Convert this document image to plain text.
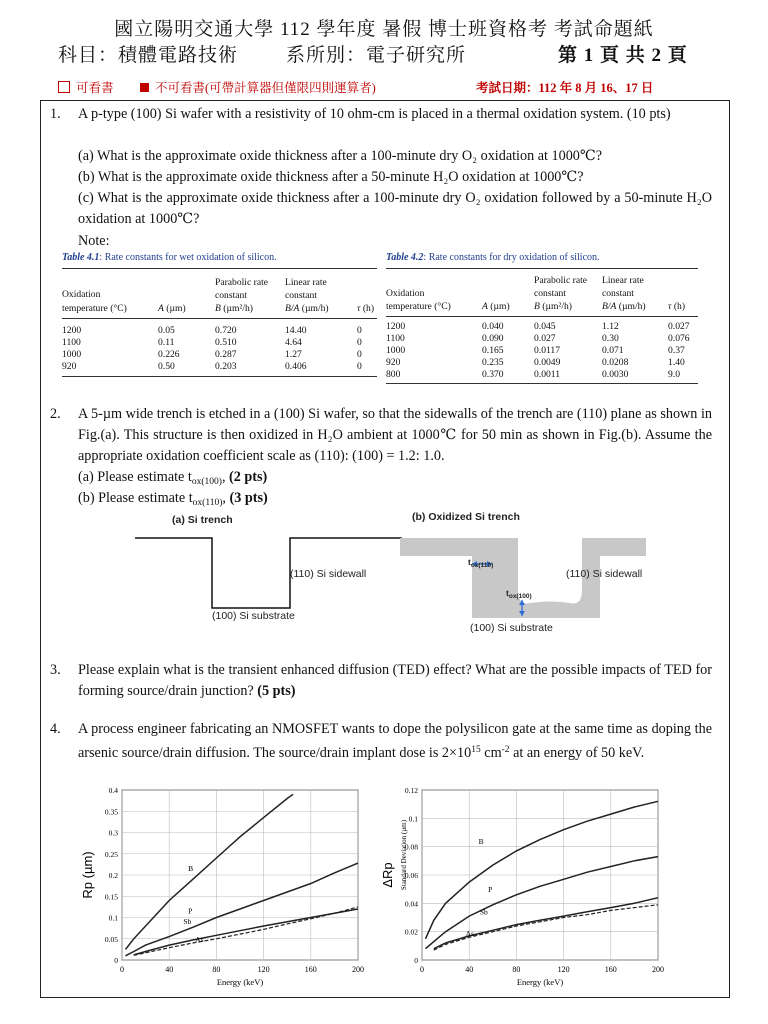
國立陽明交通大學 112 學年度 暑假 博士班資格考 考試命題紙
科目：積體電路技術	系所別：電子研究所	第 1 頁 共 2 頁
可看書	不可看書(可帶計算器但僅限四則運算者)	考試日期：112 年 8 月 16、17 日
1. A p-type (100) Si wafer with a resistivity of 10 ohm-cm is placed in a thermal oxidation system. (10 pts)
(a) What is the approximate oxide thickness after a 100-minute dry O₂ oxidation at 1000℃?
(b) What is the approximate oxide thickness after a 50-minute H₂O oxidation at 1000℃?
(c) What is the approximate oxide thickness after a 100-minute dry O₂ oxidation followed by a 50-minute H₂O oxidation at 1000℃?
Note:
Table 4.1: Rate constants for wet oxidation of silicon.
Oxidation
temperature (°C)	A (µm)
Parabolic rate
constant
B (µm²/h)
Linear rate
constant
B/A (µm/h)	τ (h)
1200	0.05	0.720	14.40	0
1100	0.11	0.510	4.64	0
1000	0.226	0.287	1.27	0
920	0.50	0.203	0.406	0
Table 4.2: Rate constants for dry oxidation of silicon.
Oxidation
temperature (°C)	A (µm)
Parabolic rate
constant
B (µm²/h)
Linear rate
constant
B/A (µm/h) τ (h)
1200	0.040	0.045	1.12	0.027
1100	0.090	0.027	0.30	0.076
1000	0.165	0.0117	0.071	0.37
920	0.235	0.0049	0.0208	1.40
800	0.370	0.0011	0.0030	9.0
2. A 5-µm wide trench is etched in a (100) Si wafer, so that the sidewalls of the trench are (110) plane as shown in Fig.(a). This structure is then oxidized in H₂O ambient at 1000℃ for 50 min as shown in Fig.(b). Assume the appropriate oxidation coefficient scale as (110): (100) = 1.2: 1.0.
(a) Please estimate $t_{ox(100)}$, (2 pts)
(b) Please estimate $t_{ox(110)}$, (3 pts)
(a) Si trench
(110) Si sidewall
(100) Si substrate
(b) Oxidized Si trench
(110) Si sidewall
(100) Si substrate
$t_{ox(110)}$
$t_{ox(100)}$
3. Please explain what is the transient enhanced diffusion (TED) effect? What are the possible impacts of TED for forming source/drain junction? (5 pts)
4. A process engineer fabricating an NMOSFET wants to dope the polysilicon gate at the same time as doping the arsenic source/drain diffusion. The source/drain implant dose is $2\times 10^{15}$ $cm^{-2}$ at an energy of 50 keV.
0	40	80	120	160	200
0
0.05
0.1
0.15
0.2
0.25
0.3
0.35
0.4
Energy (keV)
Rp (µm)	B
P
Sb
As
0	40	80	120	160	200
0
0.02
0.04
0.06
0.08
0.1
0.12
Energy (keV)
ΔRp Standard Deviation (µm)	B
P
Sb
As
